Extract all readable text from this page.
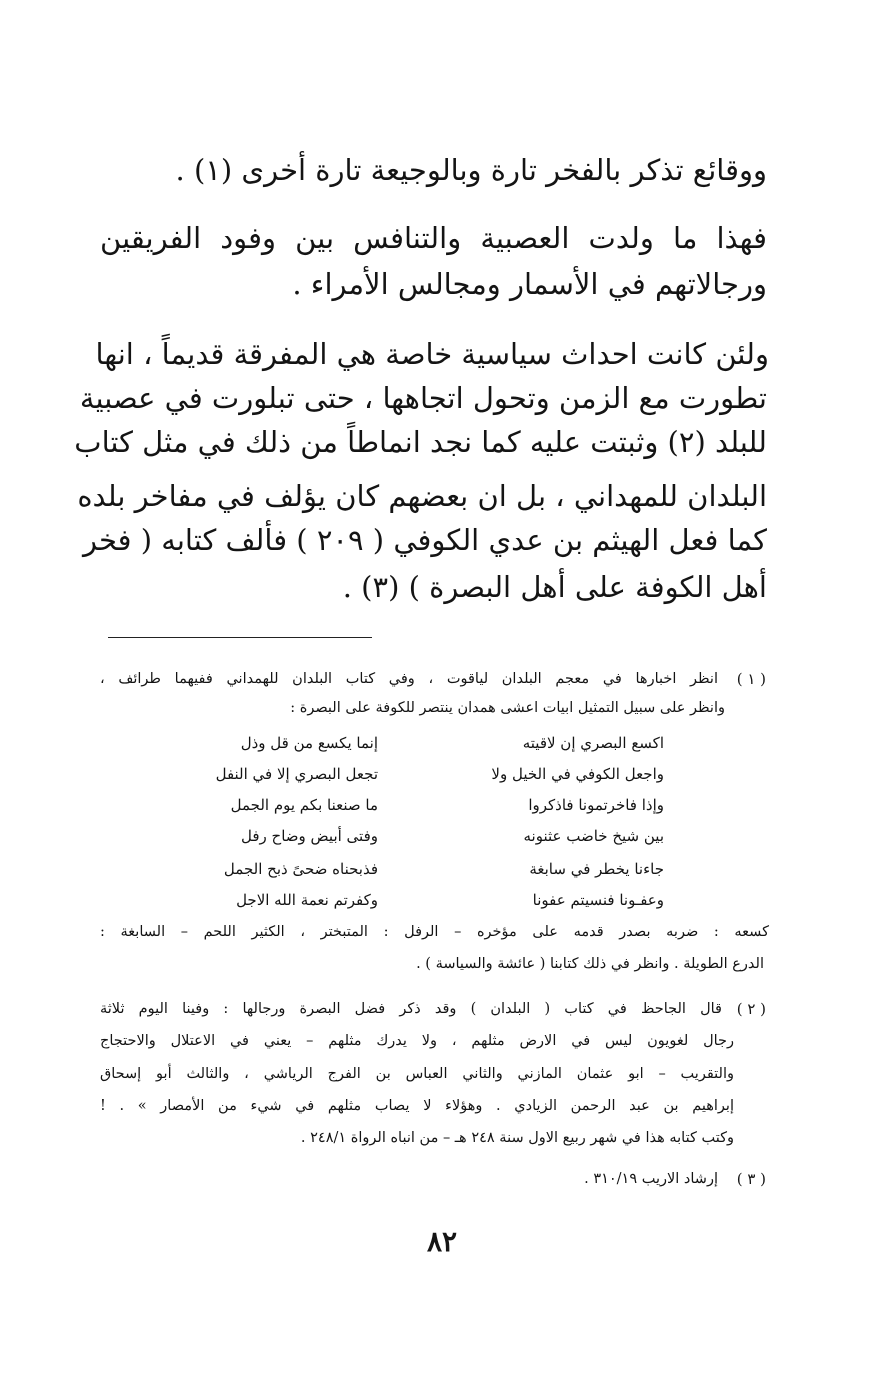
ووقائع تذكر بالفخر تارة وبالوجيعة تارة أخرى (١) .
فهذا ما ولدت العصبية والتنافس بين وفود الفريقين
ورجالاتهم في الأسمار ومجالس الأمراء .
ولئن كانت احداث سياسية خاصة هي المفرقة قديماً ، انها
تطورت مع الزمن وتحول اتجاهها ، حتى تبلورت في عصبية
للبلد (٢) وثبتت عليه كما نجد انماطاً من ذلك في مثل كتاب
البلدان للمهداني ، بل ان بعضهم كان يؤلف في مفاخر بلده
كما فعل الهيثم بن عدي الكوفي ( ٢٠٩ ) فألف كتابه ( فخر
أهل الكوفة على أهل البصرة ) (٣) .
( ١ )
انظر اخبارها في معجم البلدان لياقوت ، وفي كتاب البلدان للهمداني ففيهما طرائف ،
وانظر على سبيل التمثيل ابيات اعشى همدان ينتصر للكوفة على البصرة :
اكسع البصري إن لاقيته
إنما يكسع من قل وذل
واجعل الكوفي في الخيل ولا
تجعل البصري إلا في النفل
وإذا فاخرتمونا فاذكروا
ما صنعنا بكم يوم الجمل
بين شيخ خاضب عثنونه
وفتى أبيض وضاح رفل
جاءنا يخطر في سابغة
فذبحناه ضحىً ذبح الجمل
وعفـونا فنسيتم عفونا
وكفرتم نعمة الله الاجل
كسعه : ضربه بصدر قدمه على مؤخره – الرفل : المتبختر ، الكثير اللحم – السابغة :
الدرع الطويلة . وانظر في ذلك كتابنا ( عائشة والسياسة ) .
( ٢ )
قال الجاحظ في كتاب ( البلدان ) وقد ذكر فضل البصرة ورجالها : وفينا اليوم ثلاثة
رجال لغويون ليس في الارض مثلهم ، ولا يدرك مثلهم – يعني في الاعتلال والاحتجاج
والتقريب – ابو عثمان المازني والثاني العباس بن الفرج الرياشي ، والثالث أبو إسحاق
إبراهيم بن عبد الرحمن الزيادي . وهؤلاء لا يصاب مثلهم في شيء من الأمصار » . !
وكتب كتابه هذا في شهر ربيع الاول سنة ٢٤٨ هـ – من انباه الرواة ٢٤٨/١ .
( ٣ )
إرشاد الاريب ٣١٠/١٩ .
٨٢
